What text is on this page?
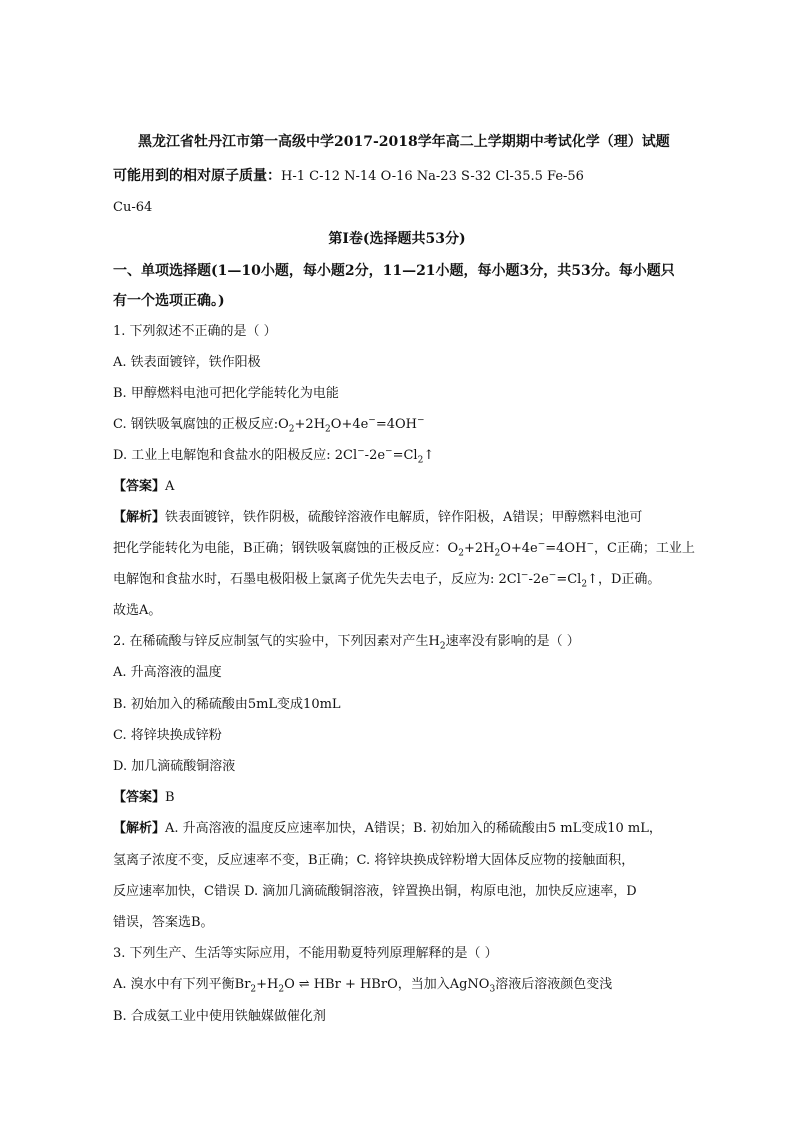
黑龙江省牡丹江市第一高级中学2017-2018学年高二上学期期中考试化学（理）试题
可能用到的相对原子质量：H-1 C-12 N-14 O-16 Na-23 S-32 Cl-35.5 Fe-56
Cu-64
第Ⅰ卷(选择题共53分)
一、单项选择题(1—10小题，每小题2分，11—21小题，每小题3分，共53分。每小题只
有一个选项正确。)
1. 下列叙述不正确的是（ ）
A. 铁表面镀锌，铁作阳极
B. 甲醇燃料电池可把化学能转化为电能
C. 钢铁吸氧腐蚀的正极反应$:O_2+2H_2O+4e^-=4OH^-$
D. 工业上电解饱和食盐水的阳极反应: $2Cl^--2e^-=Cl_2↑$
【答案】A
【解析】铁表面镀锌，铁作阴极，硫酸锌溶液作电解质，锌作阳极，A错误；甲醇燃料电池可
把化学能转化为电能，B正确；钢铁吸氧腐蚀的正极反应：$O_2+2H_2O+4e^-=4OH^-$，C正确；工业上
电解饱和食盐水时，石墨电极阳极上氯离子优先失去电子，反应为: $2Cl^--2e^-=Cl_2↑$，D正确。
故选A。
2. 在稀硫酸与锌反应制氢气的实验中，下列因素对产生$H_2$速率没有影响的是（ ）
A. 升高溶液的温度
B. 初始加入的稀硫酸由5mL变成10mL
C. 将锌块换成锌粉
D. 加几滴硫酸铜溶液
【答案】B
【解析】A. 升高溶液的温度反应速率加快，A错误；B. 初始加入的稀硫酸由5 mL变成10 mL，
氢离子浓度不变，反应速率不变，B正确；C. 将锌块换成锌粉增大固体反应物的接触面积，
反应速率加快，C错误 D. 滴加几滴硫酸铜溶液，锌置换出铜，构原电池，加快反应速率，D
错误，答案选B。
3. 下列生产、生活等实际应用，不能用勒夏特列原理解释的是（ ）
A. 溴水中有下列平衡$Br_2+H_2O$ ⇌ HBr + HBrO，当加入AgNO$_3$溶液后溶液颜色变浅
B. 合成氨工业中使用铁触媒做催化剂
